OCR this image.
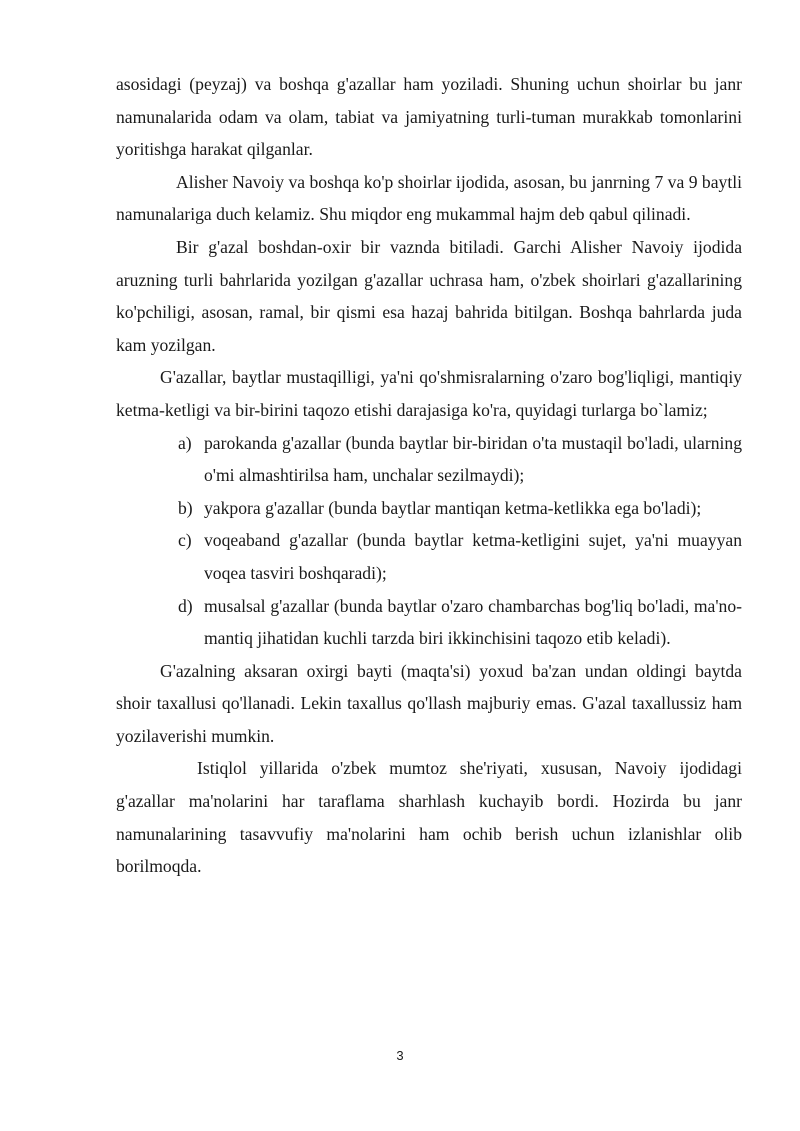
asosidagi (peyzaj) va boshqa g'azallar ham yoziladi. Shuning uchun shoirlar bu janr namunalarida odam va olam, tabiat va jamiyatning turli-tuman murakkab tomonlarini yoritishga harakat qilganlar.

Alisher Navoiy va boshqa ko'p shoirlar ijodida, asosan, bu janrning 7 va 9 baytli namunalariga duch kelamiz. Shu miqdor eng mukammal hajm deb qabul qilinadi.

Bir g'azal boshdan-oxir bir vaznda bitiladi. Garchi Alisher Navoiy ijodida aruzning turli bahrlarida yozilgan g'azallar uchrasa ham, o'zbek shoirlari g'azallarining ko'pchiligi, asosan, ramal, bir qismi esa hazaj bahrida bitilgan. Boshqa bahrlarda juda kam yozilgan.

G'azallar, baytlar mustaqilligi, ya'ni qo'shmisralarning o'zaro bog'liqligi, mantiqiy ketma-ketligi va bir-birini taqozo etishi darajasiga ko'ra, quyidagi turlarga bo`lamiz;

a) parokanda g'azallar (bunda baytlar bir-biridan o'ta mustaqil bo'ladi, ularning o'mi almashtirilsa ham, unchalar sezilmaydi);
b) yakpora g'azallar (bunda baytlar mantiqan ketma-ketlikka ega bo'ladi);
c) voqeaband g'azallar (bunda baytlar ketma-ketligini sujet, ya'ni muayyan voqea tasviri boshqaradi);
d) musalsal g'azallar (bunda baytlar o'zaro chambarchas bog'liq bo'ladi, ma'no-mantiq jihatidan kuchli tarzda biri ikkinchisini taqozo etib keladi).

G'azalning aksaran oxirgi bayti (maqta'si) yoxud ba'zan undan oldingi baytda shoir taxallusi qo'llanadi. Lekin taxallus qo'llash majburiy emas. G'azal taxallussiz ham yozilaverishi mumkin.

Istiqlol yillarida o'zbek mumtoz she'riyati, xususan, Navoiy ijodidagi g'azallar ma'nolarini har taraflama sharhlash kuchayib bordi. Hozirda bu janr namunalarining tasavvufiy ma'nolarini ham ochib berish uchun izlanishlar olib borilmoqda.

3
